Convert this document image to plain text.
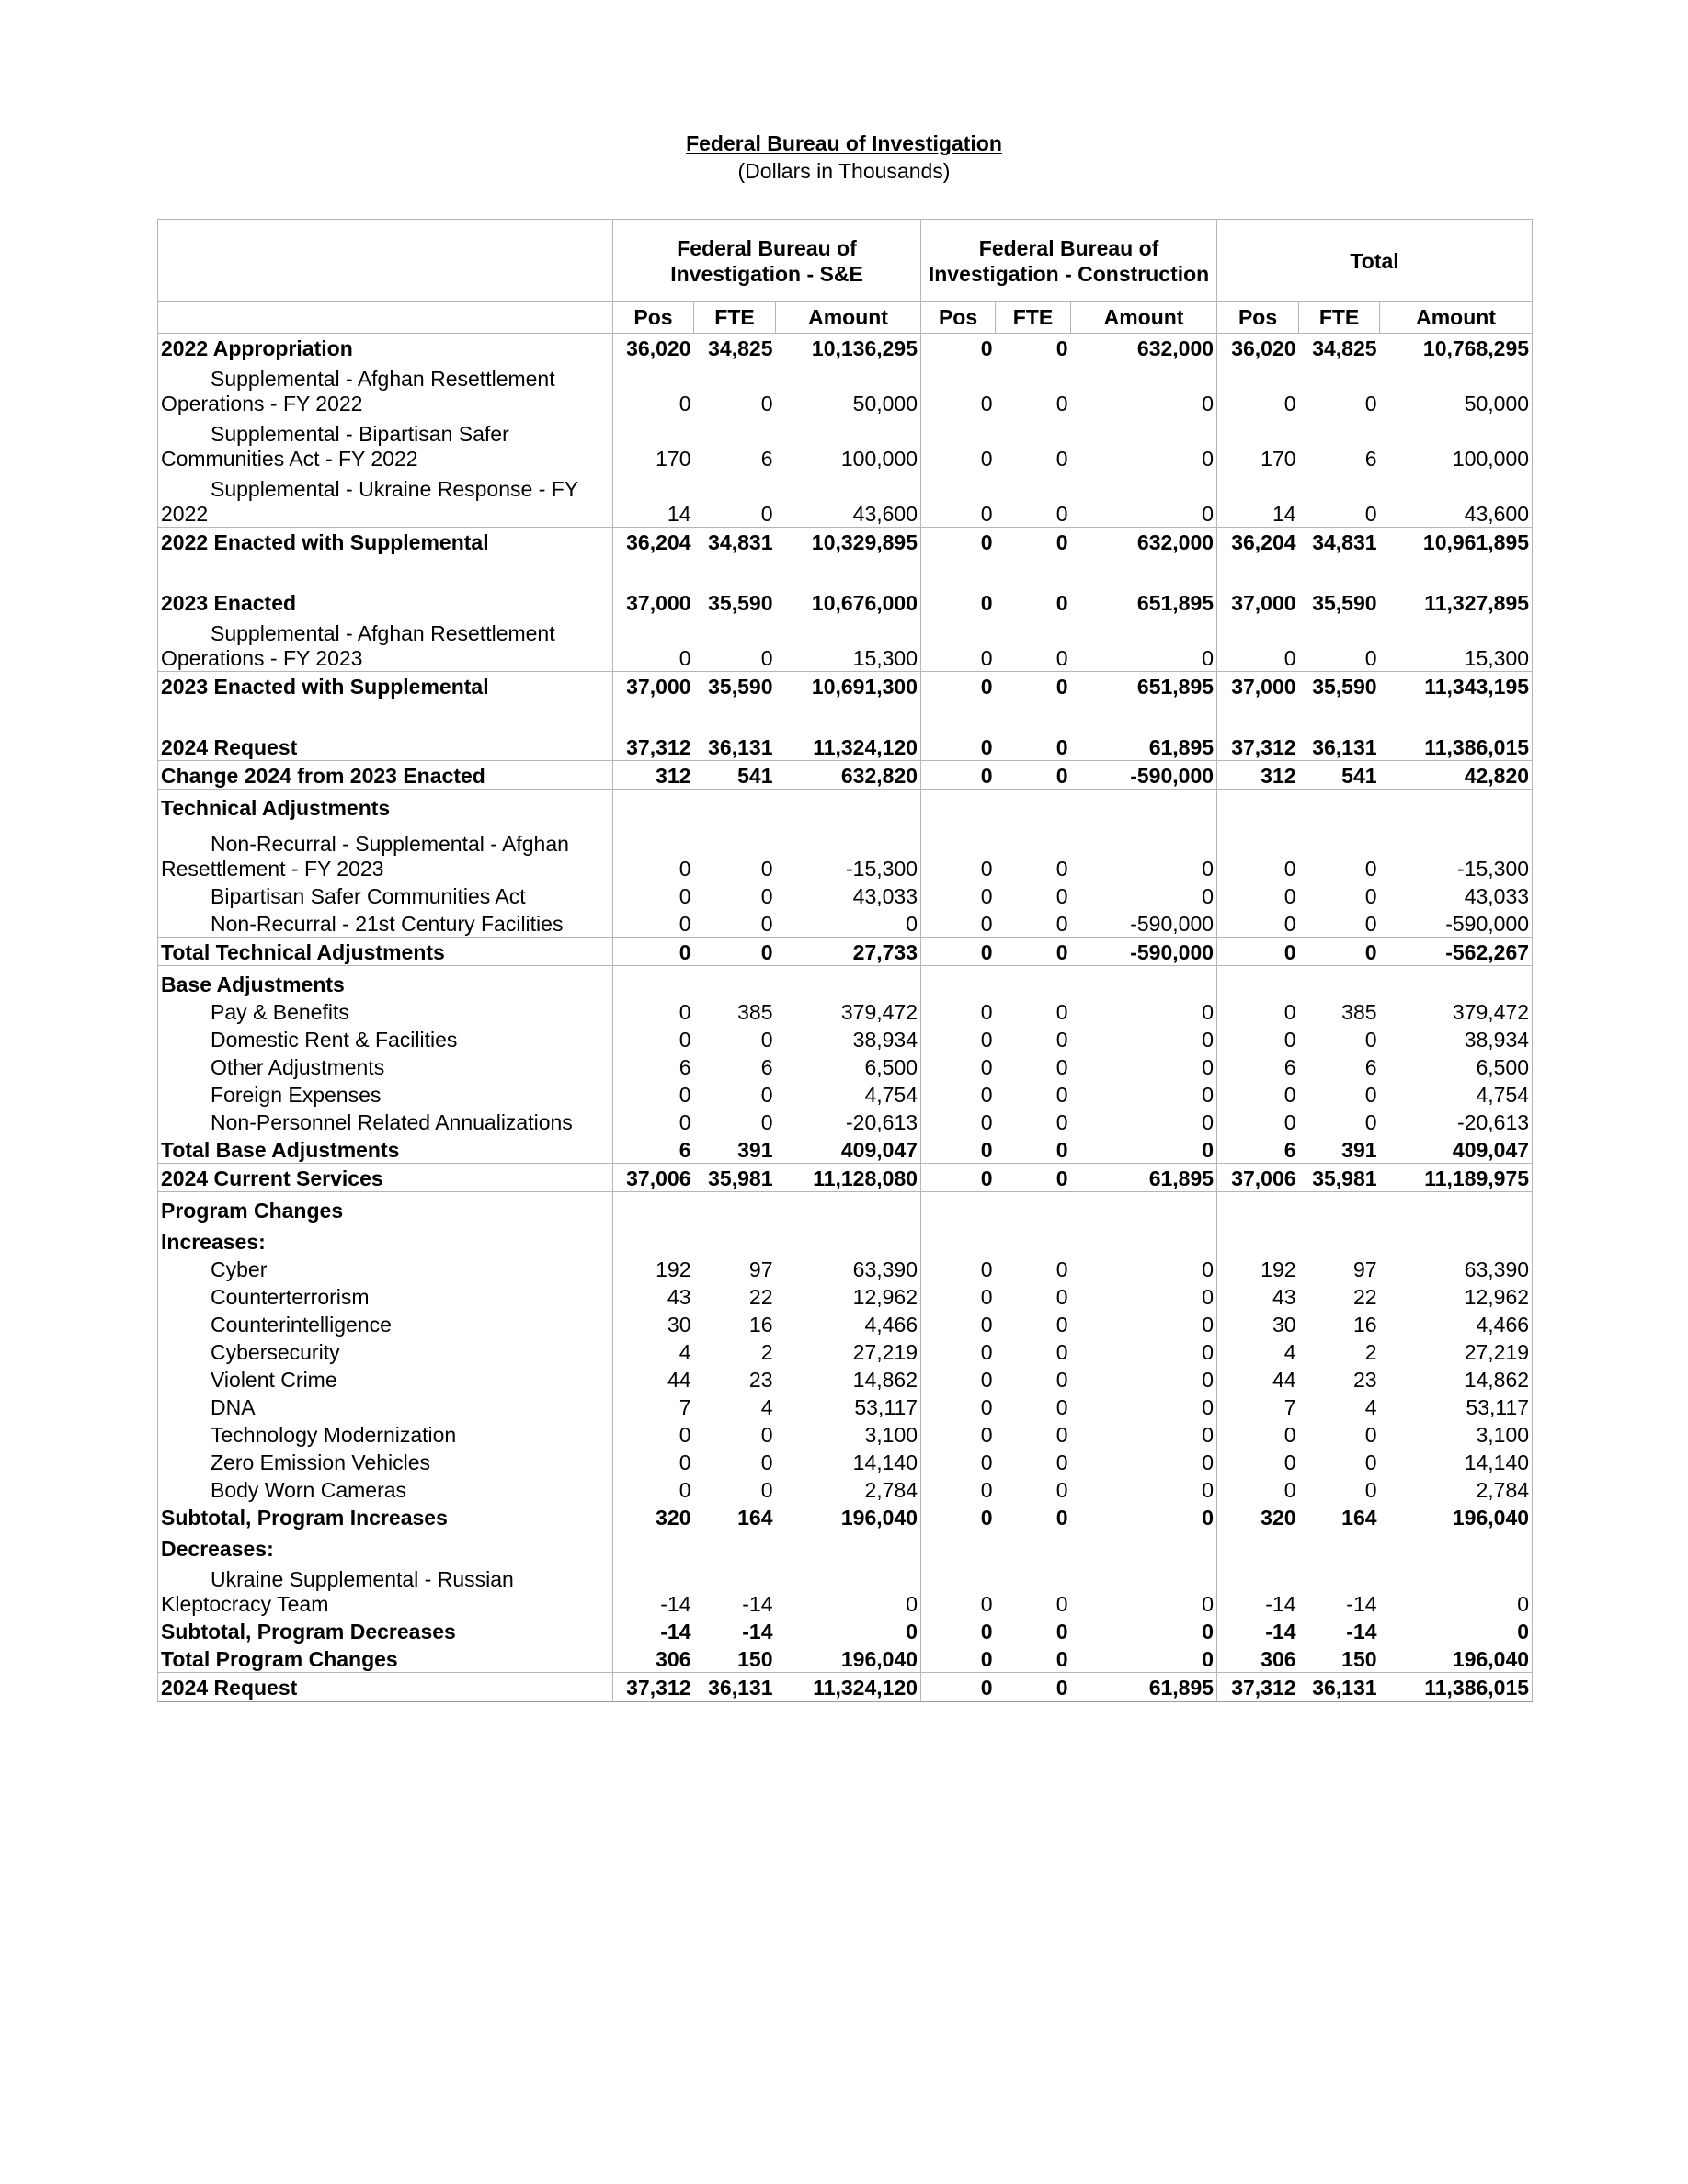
Federal Bureau of Investigation
(Dollars in Thousands)
	Federal Bureau of Investigation - S&E			Federal Bureau of Investigation - Construction			Total		
	Pos	FTE	Amount	Pos	FTE	Amount	Pos	FTE	Amount
2022 Appropriation	36,020	34,825	10,136,295	0	0	632,000	36,020	34,825	10,768,295
Supplemental - Afghan Resettlement Operations - FY 2022	0	0	50,000	0	0	0	0	0	50,000
Supplemental - Bipartisan Safer Communities Act - FY 2022	170	6	100,000	0	0	0	170	6	100,000
Supplemental - Ukraine Response - FY 2022	14	0	43,600	0	0	0	14	0	43,600
2022 Enacted with Supplemental	36,204	34,831	10,329,895	0	0	632,000	36,204	34,831	10,961,895
2023 Enacted	37,000	35,590	10,676,000	0	0	651,895	37,000	35,590	11,327,895
Supplemental - Afghan Resettlement Operations - FY 2023	0	0	15,300	0	0	0	0	0	15,300
2023 Enacted with Supplemental	37,000	35,590	10,691,300	0	0	651,895	37,000	35,590	11,343,195
2024 Request	37,312	36,131	11,324,120	0	0	61,895	37,312	36,131	11,386,015
Change 2024 from 2023 Enacted	312	541	632,820	0	0	-590,000	312	541	42,820
Technical Adjustments									
Non-Recurral - Supplemental - Afghan Resettlement - FY 2023	0	0	-15,300	0	0	0	0	0	-15,300
Bipartisan Safer Communities Act	0	0	43,033	0	0	0	0	0	43,033
Non-Recurral - 21st Century Facilities	0	0	0	0	0	-590,000	0	0	-590,000
Total Technical Adjustments	0	0	27,733	0	0	-590,000	0	0	-562,267
Base Adjustments									
Pay & Benefits	0	385	379,472	0	0	0	0	385	379,472
Domestic Rent & Facilities	0	0	38,934	0	0	0	0	0	38,934
Other Adjustments	6	6	6,500	0	0	0	6	6	6,500
Foreign Expenses	0	0	4,754	0	0	0	0	0	4,754
Non-Personnel Related Annualizations	0	0	-20,613	0	0	0	0	0	-20,613
Total Base Adjustments	6	391	409,047	0	0	0	6	391	409,047
2024 Current Services	37,006	35,981	11,128,080	0	0	61,895	37,006	35,981	11,189,975
Program Changes									
Increases:									
Cyber	192	97	63,390	0	0	0	192	97	63,390
Counterterrorism	43	22	12,962	0	0	0	43	22	12,962
Counterintelligence	30	16	4,466	0	0	0	30	16	4,466
Cybersecurity	4	2	27,219	0	0	0	4	2	27,219
Violent Crime	44	23	14,862	0	0	0	44	23	14,862
DNA	7	4	53,117	0	0	0	7	4	53,117
Technology Modernization	0	0	3,100	0	0	0	0	0	3,100
Zero Emission Vehicles	0	0	14,140	0	0	0	0	0	14,140
Body Worn Cameras	0	0	2,784	0	0	0	0	0	2,784
Subtotal, Program Increases	320	164	196,040	0	0	0	320	164	196,040
Decreases:									
Ukraine Supplemental - Russian Kleptocracy Team	-14	-14	0	0	0	0	-14	-14	0
Subtotal, Program Decreases	-14	-14	0	0	0	0	-14	-14	0
Total Program Changes	306	150	196,040	0	0	0	306	150	196,040
2024 Request	37,312	36,131	11,324,120	0	0	61,895	37,312	36,131	11,386,015
